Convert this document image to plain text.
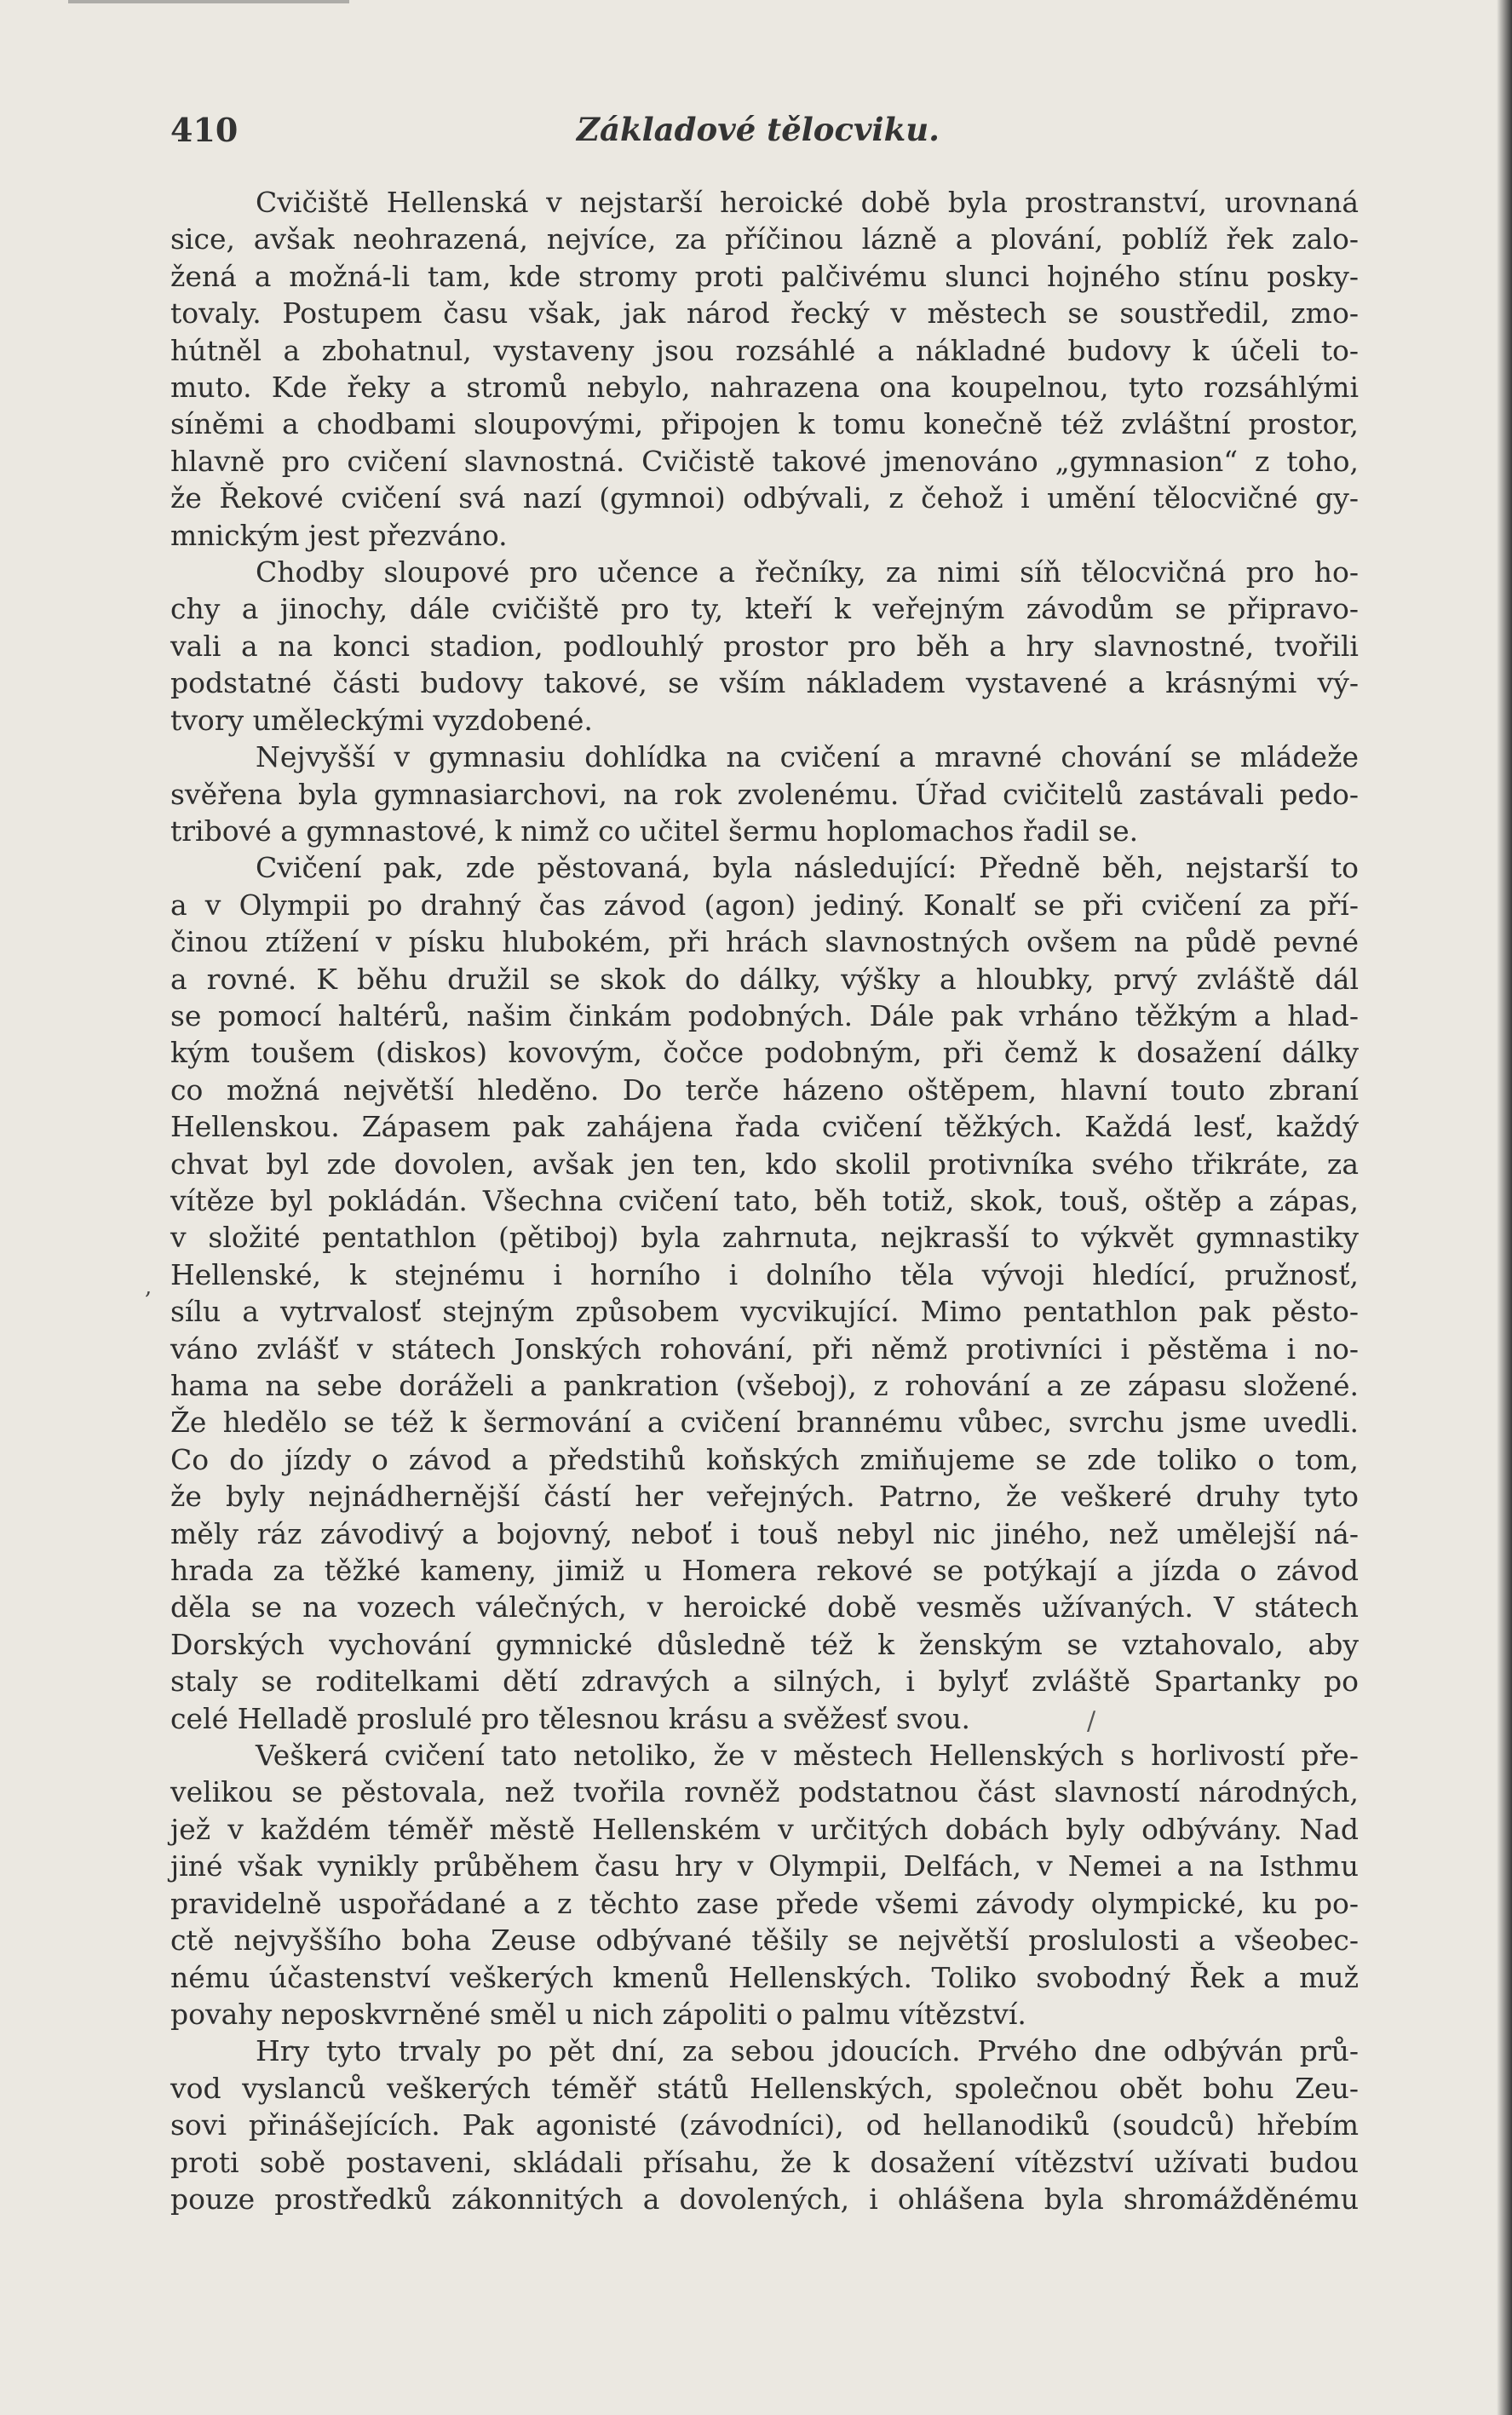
410	Základové tělocviku.
,
/
Cvičiště Hellenská v nejstarší heroické době byla prostranství, urovnaná
sice, avšak neohrazená, nejvíce, za příčinou lázně a plování, poblíž řek zalo-
žená a možná-li tam, kde stromy proti palčivému slunci hojného stínu posky-
tovaly. Postupem času však, jak národ řecký v městech se soustředil, zmo-
hútněl a zbohatnul, vystaveny jsou rozsáhlé a nákladné budovy k účeli to-
muto. Kde řeky a stromů nebylo, nahrazena ona koupelnou, tyto rozsáhlými
síněmi a chodbami sloupovými, připojen k tomu konečně též zvláštní prostor,
hlavně pro cvičení slavnostná. Cvičistě takové jmenováno „gymnasion“ z toho,
že Řekové cvičení svá nazí (gymnoi) odbývali, z čehož i umění tělocvičné gy-
mnickým jest přezváno.
Chodby sloupové pro učence a řečníky, za nimi síň tělocvičná pro ho-
chy a jinochy, dále cvičiště pro ty, kteří k veřejným závodům se připravo-
vali a na konci stadion, podlouhlý prostor pro běh a hry slavnostné, tvořili
podstatné části budovy takové, se vším nákladem vystavené a krásnými vý-
tvory uměleckými vyzdobené.
Nejvyšší v gymnasiu dohlídka na cvičení a mravné chování se mládeže
svěřena byla gymnasiarchovi, na rok zvolenému. Úřad cvičitelů zastávali pedo-
tribové a gymnastové, k nimž co učitel šermu hoplomachos řadil se.
Cvičení pak, zde pěstovaná, byla následující: Předně běh, nejstarší to
a v Olympii po drahný čas závod (agon) jediný. Konalť se při cvičení za pří-
činou ztížení v písku hlubokém, při hrách slavnostných ovšem na půdě pevné
a rovné. K běhu družil se skok do dálky, výšky a hloubky, prvý zvláště dál
se pomocí haltérů, našim činkám podobných. Dále pak vrháno těžkým a hlad-
kým toušem (diskos) kovovým, čočce podobným, při čemž k dosažení dálky
co možná největší hleděno. Do terče házeno oštěpem, hlavní touto zbraní
Hellenskou. Zápasem pak zahájena řada cvičení těžkých. Každá lesť, každý
chvat byl zde dovolen, avšak jen ten, kdo skolil protivníka svého třikráte, za
vítěze byl pokládán. Všechna cvičení tato, běh totiž, skok, touš, oštěp a zápas,
v složité pentathlon (pětiboj) byla zahrnuta, nejkrasší to výkvět gymnastiky
Hellenské, k stejnému i horního i dolního těla vývoji hledící, pružnosť,
sílu a vytrvalosť stejným způsobem vycvikující. Mimo pentathlon pak pěsto-
váno zvlášť v státech Jonských rohování, při němž protivníci i pěstěma i no-
hama na sebe doráželi a pankration (všeboj), z rohování a ze zápasu složené.
Že hledělo se též k šermování a cvičení brannému vůbec, svrchu jsme uvedli.
Co do jízdy o závod a předstihů koňských zmiňujeme se zde toliko o tom,
že byly nejnádhernější částí her veřejných. Patrno, že veškeré druhy tyto
měly ráz závodivý a bojovný, neboť i touš nebyl nic jiného, než umělejší ná-
hrada za těžké kameny, jimiž u Homera rekové se potýkají a jízda o závod
děla se na vozech válečných, v heroické době vesměs užívaných. V státech
Dorských vychování gymnické důsledně též k ženským se vztahovalo, aby
staly se roditelkami dětí zdravých a silných, i bylyť zvláště Spartanky po
celé Helladě proslulé pro tělesnou krásu a svěžesť svou.
Veškerá cvičení tato netoliko, že v městech Hellenských s horlivostí pře-
velikou se pěstovala, než tvořila rovněž podstatnou část slavností národných,
jež v každém téměř městě Hellenském v určitých dobách byly odbývány. Nad
jiné však vynikly průběhem času hry v Olympii, Delfách, v Nemei a na Isthmu
pravidelně uspořádané a z těchto zase přede všemi závody olympické, ku po-
ctě nejvyššího boha Zeuse odbývané těšily se největší proslulosti a všeobec-
nému účastenství veškerých kmenů Hellenských. Toliko svobodný Řek a muž
povahy neposkvrněné směl u nich zápoliti o palmu vítězství.
Hry tyto trvaly po pět dní, za sebou jdoucích. Prvého dne odbýván prů-
vod vyslanců veškerých téměř států Hellenských, společnou obět bohu Zeu-
sovi přinášejících. Pak agonisté (závodníci), od hellanodiků (soudců) hřebím
proti sobě postaveni, skládali přísahu, že k dosažení vítězství užívati budou
pouze prostředků zákonnitých a dovolených, i ohlášena byla shromážděnému
